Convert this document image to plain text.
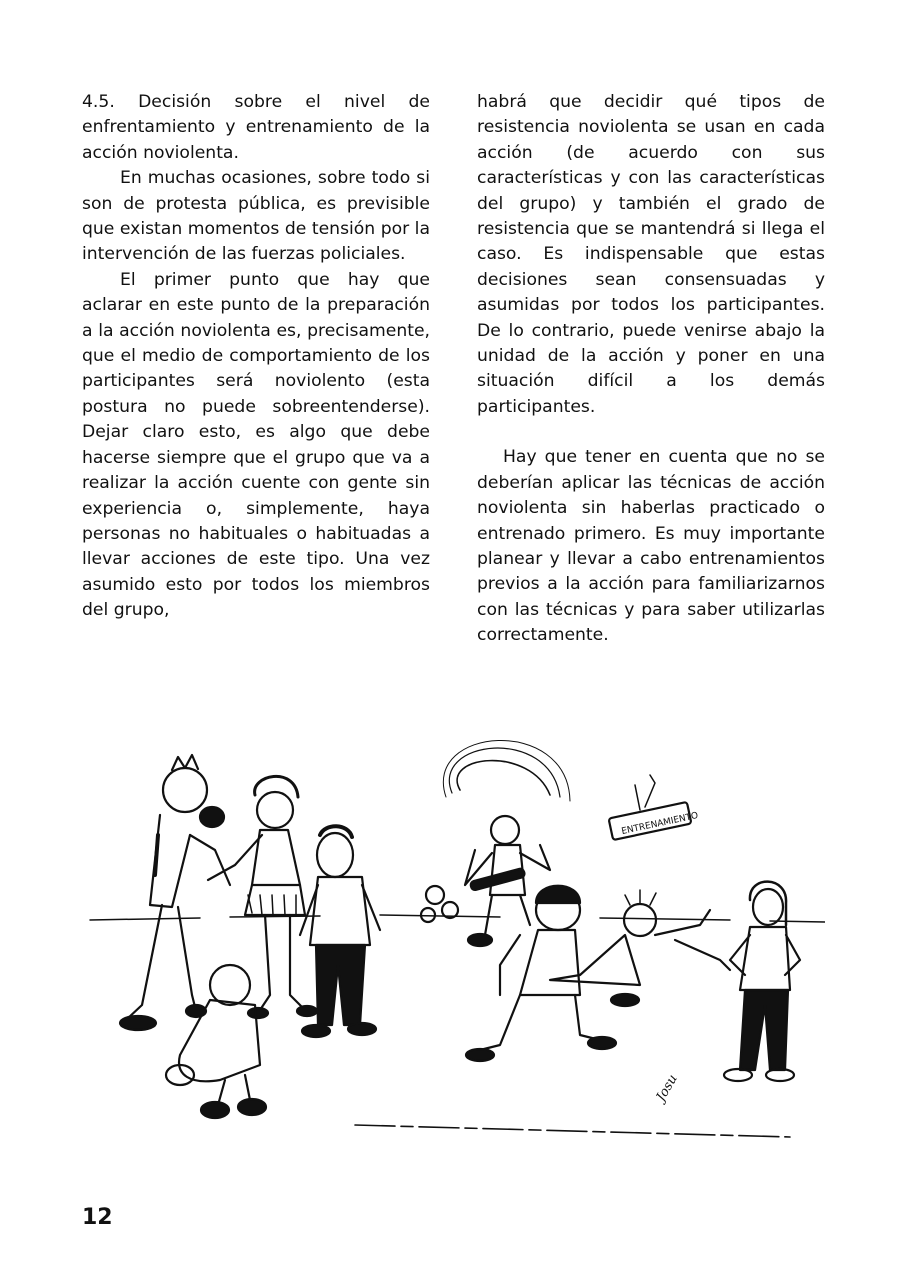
4.5. Decisión sobre el nivel de enfrentamiento y entrenamiento de la acción noviolenta.

En muchas ocasiones, sobre todo si son de protesta pública, es previsible que existan momentos de tensión por la intervención de las fuerzas policiales.

El primer punto que hay que aclarar en este punto de la preparación a la acción noviolenta es, precisamente, que el medio de comportamiento de los participantes será noviolento (esta postura no puede sobreentenderse). Dejar claro esto, es algo que debe hacerse siempre que el grupo que va a realizar la acción cuente con gente sin experiencia o, simplemente, haya personas no habituales o habituadas a llevar acciones de este tipo. Una vez asumido esto por todos los miembros del grupo,

habrá que decidir qué tipos de resistencia noviolenta se usan en cada acción (de acuerdo con sus características y con las características del grupo) y también el grado de resistencia que se mantendrá si llega el caso. Es indispensable que estas decisiones sean consensuadas y asumidas por todos los participantes. De lo contrario, puede venirse abajo la unidad de la acción y poner en una situación difícil a los demás participantes.

Hay que tener en cuenta que no se deberían aplicar las técnicas de acción noviolenta sin haberlas practicado o entrenado primero. Es muy importante planear y llevar a cabo entrenamientos previos a la acción para familiarizarnos con las técnicas y para saber utilizarlas correctamente.

ENTRENAMIENTO
Josu
12
